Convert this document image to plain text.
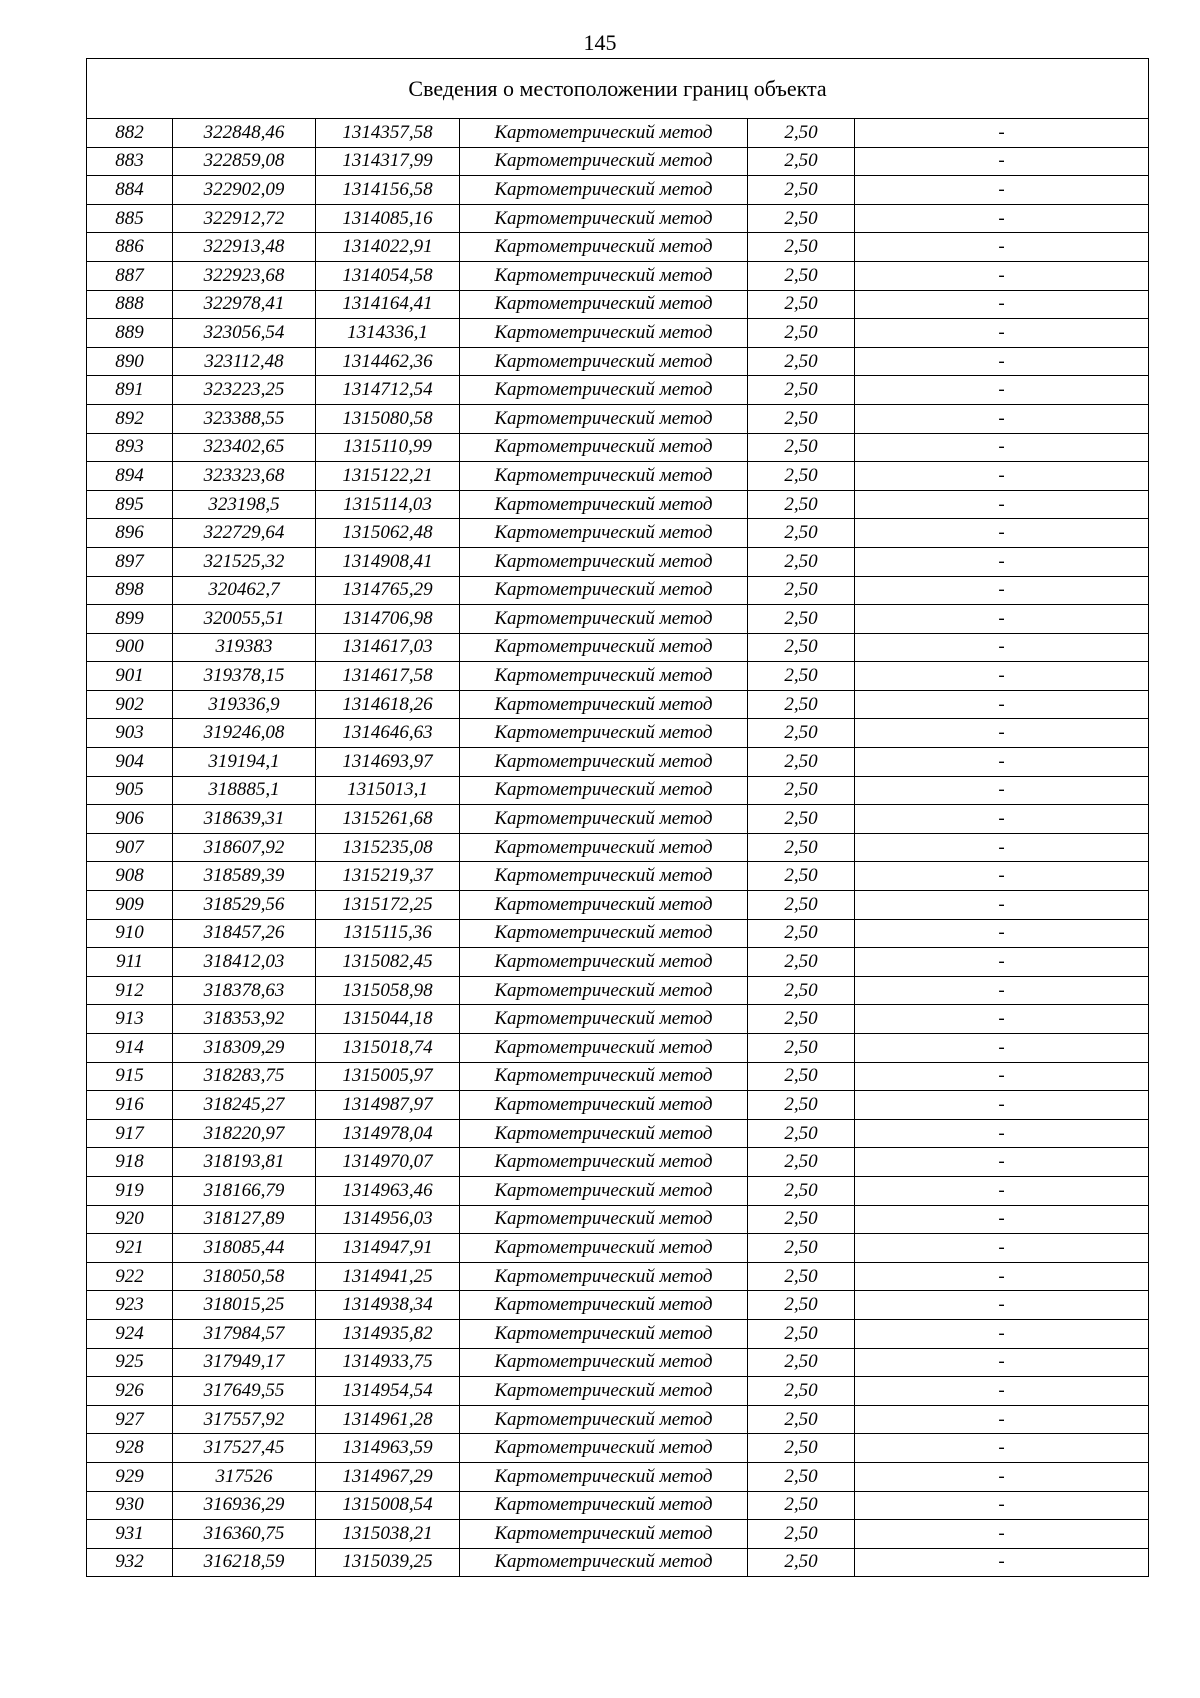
145
Сведения о местоположении границ объекта					
882	322848,46	1314357,58	Картометрический метод	2,50	-
883	322859,08	1314317,99	Картометрический метод	2,50	-
884	322902,09	1314156,58	Картометрический метод	2,50	-
885	322912,72	1314085,16	Картометрический метод	2,50	-
886	322913,48	1314022,91	Картометрический метод	2,50	-
887	322923,68	1314054,58	Картометрический метод	2,50	-
888	322978,41	1314164,41	Картометрический метод	2,50	-
889	323056,54	1314336,1	Картометрический метод	2,50	-
890	323112,48	1314462,36	Картометрический метод	2,50	-
891	323223,25	1314712,54	Картометрический метод	2,50	-
892	323388,55	1315080,58	Картометрический метод	2,50	-
893	323402,65	1315110,99	Картометрический метод	2,50	-
894	323323,68	1315122,21	Картометрический метод	2,50	-
895	323198,5	1315114,03	Картометрический метод	2,50	-
896	322729,64	1315062,48	Картометрический метод	2,50	-
897	321525,32	1314908,41	Картометрический метод	2,50	-
898	320462,7	1314765,29	Картометрический метод	2,50	-
899	320055,51	1314706,98	Картометрический метод	2,50	-
900	319383	1314617,03	Картометрический метод	2,50	-
901	319378,15	1314617,58	Картометрический метод	2,50	-
902	319336,9	1314618,26	Картометрический метод	2,50	-
903	319246,08	1314646,63	Картометрический метод	2,50	-
904	319194,1	1314693,97	Картометрический метод	2,50	-
905	318885,1	1315013,1	Картометрический метод	2,50	-
906	318639,31	1315261,68	Картометрический метод	2,50	-
907	318607,92	1315235,08	Картометрический метод	2,50	-
908	318589,39	1315219,37	Картометрический метод	2,50	-
909	318529,56	1315172,25	Картометрический метод	2,50	-
910	318457,26	1315115,36	Картометрический метод	2,50	-
911	318412,03	1315082,45	Картометрический метод	2,50	-
912	318378,63	1315058,98	Картометрический метод	2,50	-
913	318353,92	1315044,18	Картометрический метод	2,50	-
914	318309,29	1315018,74	Картометрический метод	2,50	-
915	318283,75	1315005,97	Картометрический метод	2,50	-
916	318245,27	1314987,97	Картометрический метод	2,50	-
917	318220,97	1314978,04	Картометрический метод	2,50	-
918	318193,81	1314970,07	Картометрический метод	2,50	-
919	318166,79	1314963,46	Картометрический метод	2,50	-
920	318127,89	1314956,03	Картометрический метод	2,50	-
921	318085,44	1314947,91	Картометрический метод	2,50	-
922	318050,58	1314941,25	Картометрический метод	2,50	-
923	318015,25	1314938,34	Картометрический метод	2,50	-
924	317984,57	1314935,82	Картометрический метод	2,50	-
925	317949,17	1314933,75	Картометрический метод	2,50	-
926	317649,55	1314954,54	Картометрический метод	2,50	-
927	317557,92	1314961,28	Картометрический метод	2,50	-
928	317527,45	1314963,59	Картометрический метод	2,50	-
929	317526	1314967,29	Картометрический метод	2,50	-
930	316936,29	1315008,54	Картометрический метод	2,50	-
931	316360,75	1315038,21	Картометрический метод	2,50	-
932	316218,59	1315039,25	Картометрический метод	2,50	-
